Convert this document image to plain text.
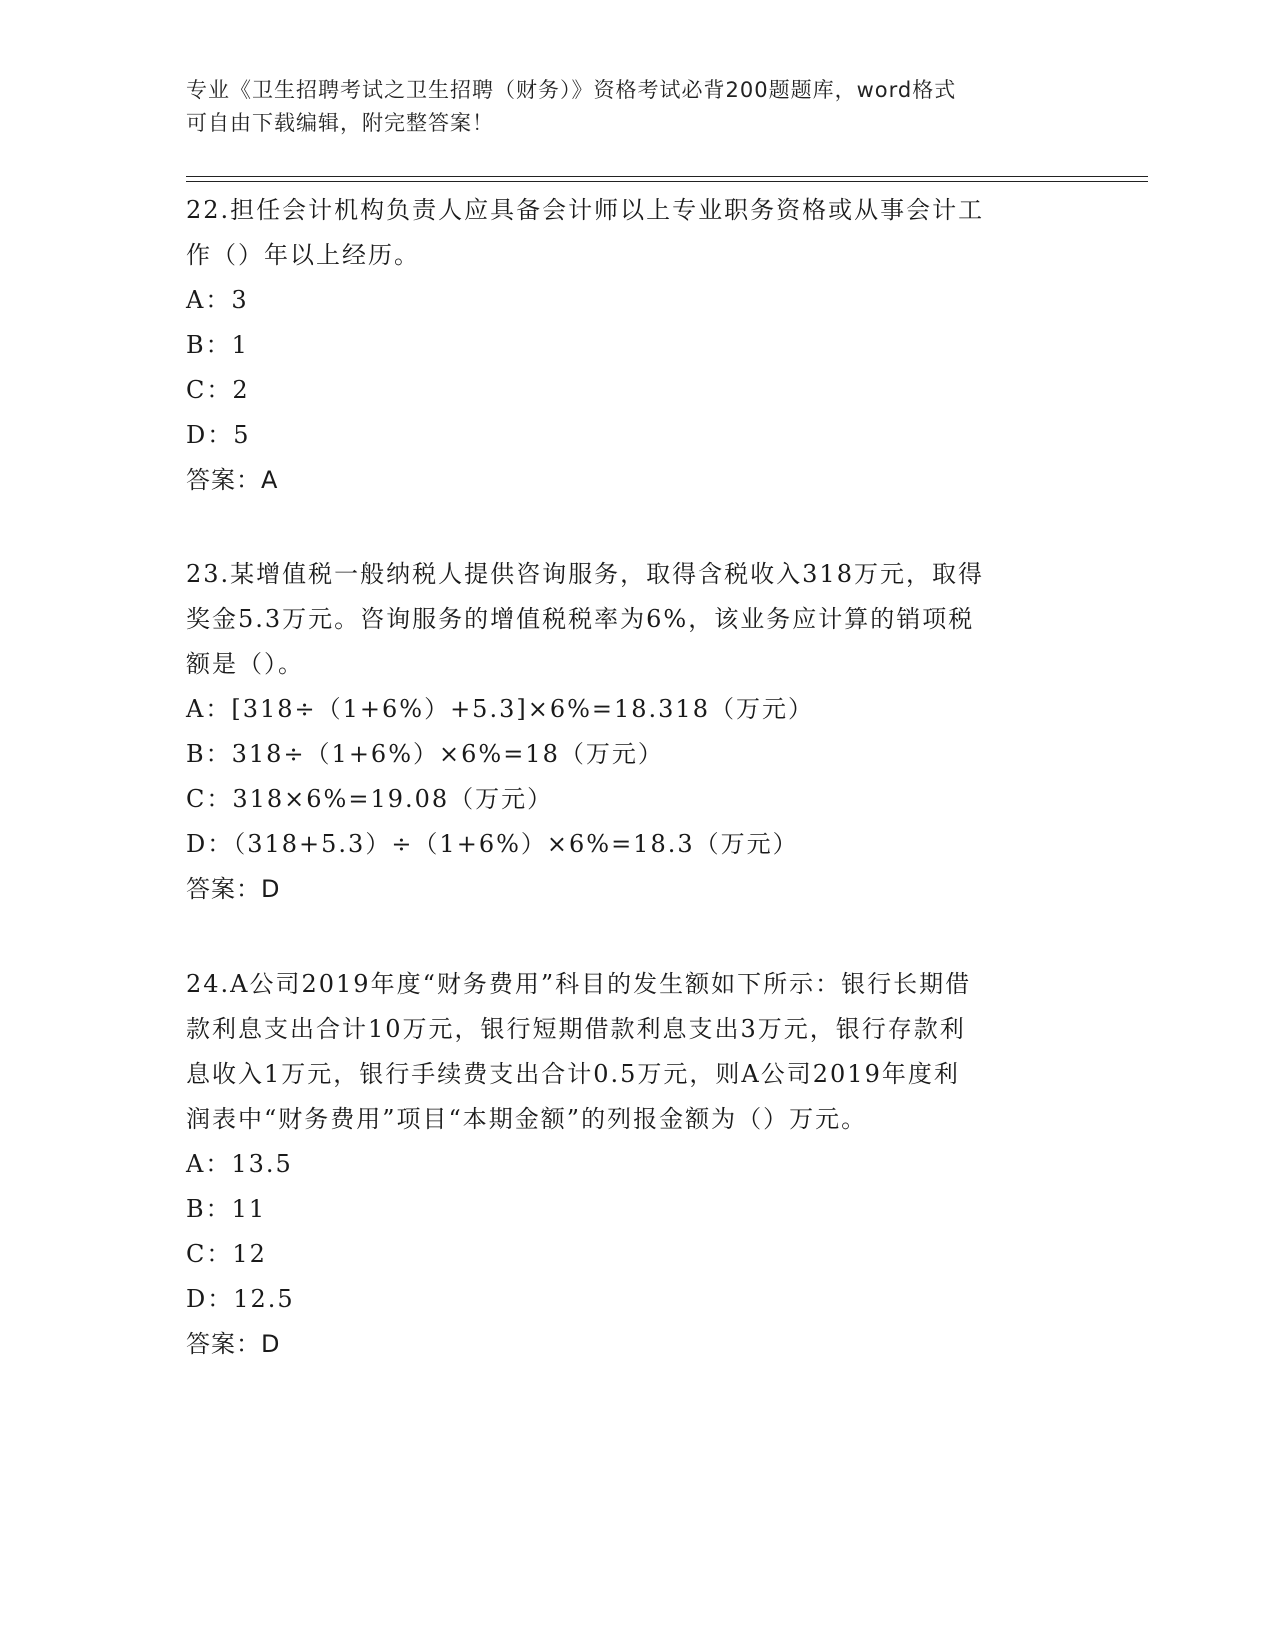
专业《卫生招聘考试之卫生招聘（财务）》资格考试必背200题题库，word格式

可自由下载编辑，附完整答案！

22.担任会计机构负责人应具备会计师以上专业职务资格或从事会计工
作（）年以上经历。

A：3

B：1

C：2

D：5

答案：A

23.某增值税一般纳税人提供咨询服务，取得含税收入318万元，取得
奖金5.3万元。咨询服务的增值税税率为6%，该业务应计算的销项税
额是（）。

A：[318÷（1+6%）+5.3]×6%=18.318（万元）

B：318÷（1+6%）×6%=18（万元）

C：318×6%=19.08（万元）

D：（318+5.3）÷（1+6%）×6%=18.3（万元）

答案：D

24.A公司2019年度“财务费用”科目的发生额如下所示：银行长期借
款利息支出合计10万元，银行短期借款利息支出3万元，银行存款利
息收入1万元，银行手续费支出合计0.5万元，则A公司2019年度利
润表中“财务费用”项目“本期金额”的列报金额为（）万元。

A：13.5

B：11

C：12

D：12.5

答案：D
